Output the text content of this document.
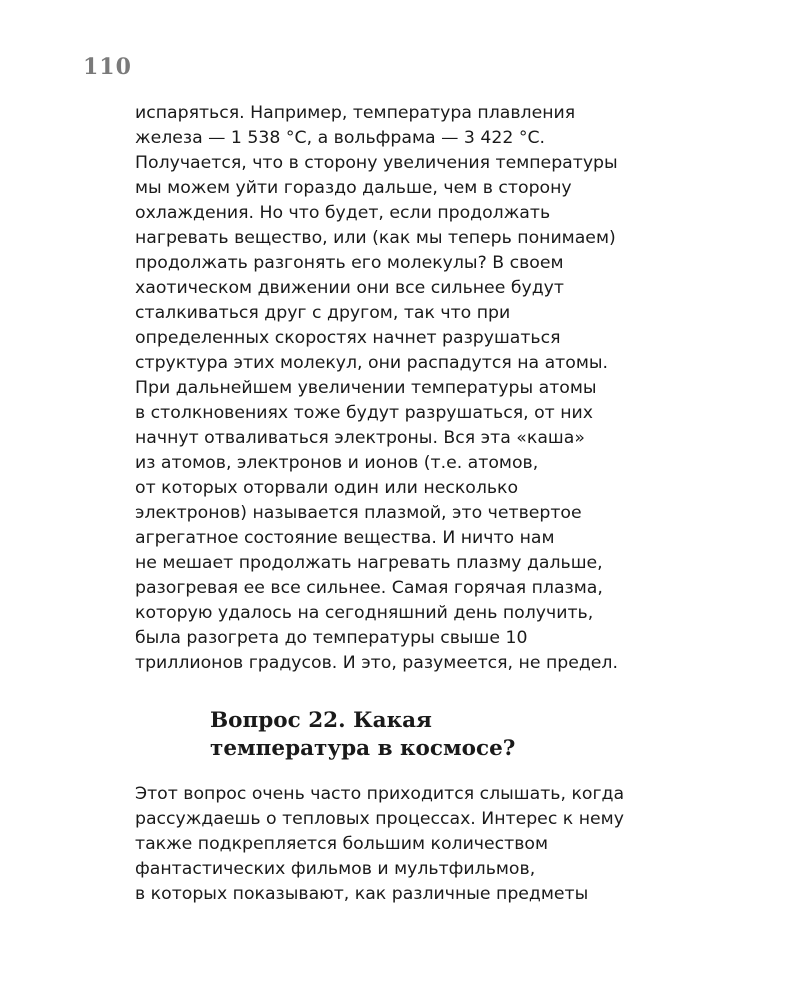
110
испаряться. Например, температура плавления
железа — 1 538 °С, а вольфрама — 3 422 °С.
Получается, что в сторону увеличения температуры
мы можем уйти гораздо дальше, чем в сторону
охлаждения. Но что будет, если продолжать
нагревать вещество, или (как мы теперь понимаем)
продолжать разгонять его молекулы? В своем
хаотическом движении они все сильнее будут
сталкиваться друг с другом, так что при
определенных скоростях начнет разрушаться
структура этих молекул, они распадутся на атомы.
При дальнейшем увеличении температуры атомы
в столкновениях тоже будут разрушаться, от них
начнут отваливаться электроны. Вся эта «каша»
из атомов, электронов и ионов (т.е. атомов,
от которых оторвали один или несколько
электронов) называется плазмой, это четвертое
агрегатное состояние вещества. И ничто нам
не мешает продолжать нагревать плазму дальше,
разогревая ее все сильнее. Самая горячая плазма,
которую удалось на сегодняшний день получить,
была разогрета до температуры свыше 10
триллионов градусов. И это, разумеется, не предел.
Вопрос 22. Какая
температура в космосе?
Этот вопрос очень часто приходится слышать, когда
рассуждаешь о тепловых процессах. Интерес к нему
также подкрепляется большим количеством
фантастических фильмов и мультфильмов,
в которых показывают, как различные предметы
